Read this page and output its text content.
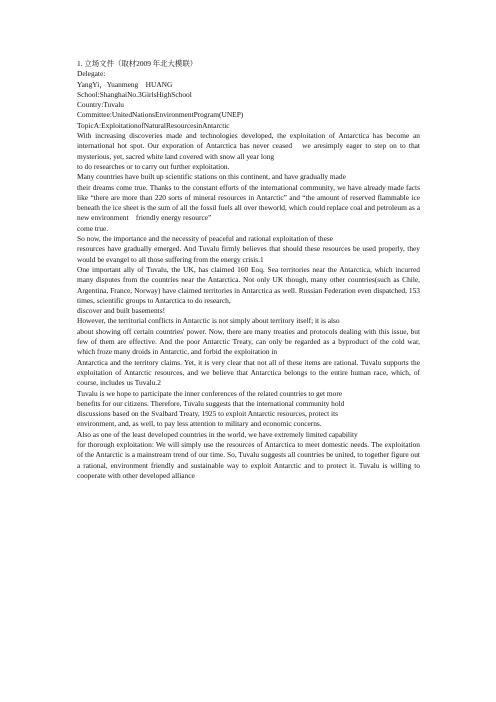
1. 立场文件（取材2009 年北大模联）

Delegate:

YangYi，Yuanmeng　HUANG

School:ShanghaiNo.3GirlsHighSchool

Country:Tuvalu

Committee:UnitedNationsEnvironmentProgram(UNEP)

TopicA:ExploitationofNaturalResourcesinAntarctic

With increasing discoveries made and technologies developed, the exploitation of Antarctica has become an international hot spot. Our exporation of Antarctica has never ceased　we aresimply eager to step on to that mysterious, yet, sacred white land covered with snow all year long

to do researches or to carry out further exploitation.

Many countries have built up scientific stations on this continent, and have gradually made

their dreams come true. Thanks to the constant efforts of the international community, we have already made facts like “there are more than 220 sorts of mineral resources in Antarctic” and “the amount of reserved flammable ice beneath the ice sheet is the sum of all the fossil fuels all over theworld, which could replace coal and petroleum as a new environment　friendly energy resource”

come true.

So now, the importance and the necessity of peaceful and rational exploitation of these

resources have gradually emerged. And Tuvalu firmly believes that should these resources be used properly, they would be evangel to all those suffering from the energy crisis.1

One important ally of Tuvalu, the UK, has claimed 160 Eoq. Sea territories near the Antarctica, which incurred many disputes from the countries near the Antarctica. Not only UK though, many other countries(such as Chile, Argentina, France, Norway) have claimed territories in Antarctica as well. Russian Federation even dispatched, 153 times, scientific groups to Antarctica to do research,

discover and built basements!

However, the territorial conflicts in Antarctic is not simply about territory itself; it is also

about showing off certain countries' power. Now, there are many treaties and protocols dealing with this issue, but few of them are effective. And the poor Antarctic Treaty, can only be regarded as a byproduct of the cold war, which froze many droids in Antarctic, and forbid the exploitation in

Antarctica and the territory claims. Yet, it is very clear that not all of these items are rational. Tuvalu supports the exploitation of Antarctic resources, and we believe that Antarctica belongs to the entire human race, which, of course, includes us Tuvalu.2

Tuvalu is we hope to participate the inner conferences of the related countries to get more

benefits for our citizens. Therefore, Tuvalu suggests that the international community hold

discussions based on the Svalbard Treaty, 1925 to exploit Antarctic resources, protect its

environment, and, as well, to pay less attention to military and economic concerns.

Also as one of the least developed countries in the world, we have extremely limited capability

for thorough exploitation: We will simply use the resources of Antarctica to meet domestic needs. The exploitation of the Antarctic is a mainstream trend of our time. So, Tuvalu suggests all countries be united, to together figure out a rational, environment friendly and sustainable way to exploit Antarctic and to protect it. Tuvalu is willing to cooperate with other developed alliance
